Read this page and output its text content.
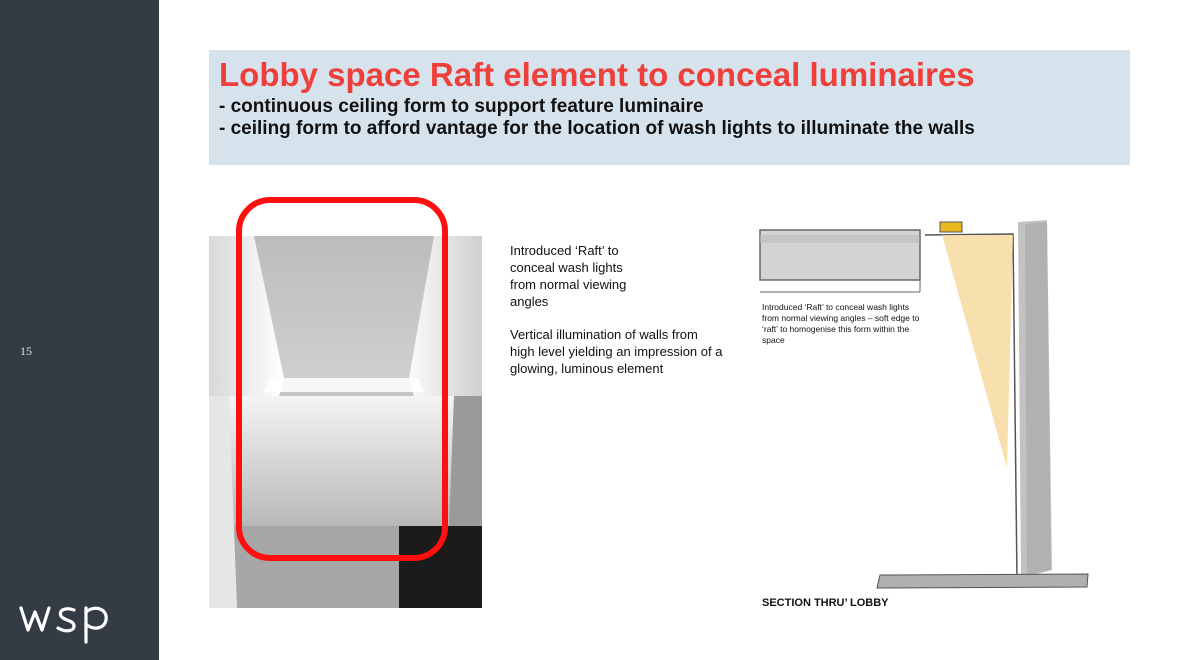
15
Lobby space Raft element to conceal luminaires

- continuous ceiling form to support feature luminaire

- ceiling form to afford vantage for the location of wash lights to illuminate the walls

Introduced ‘Raft’ to conceal wash lights from normal viewing angles

Vertical illumination of walls from high level yielding an impression of a glowing, luminous element

Introduced ‘Raft’ to conceal wash lights from normal viewing angles – soft edge to ‘raft’ to homogenise this form within the space

SECTION THRU’ LOBBY
